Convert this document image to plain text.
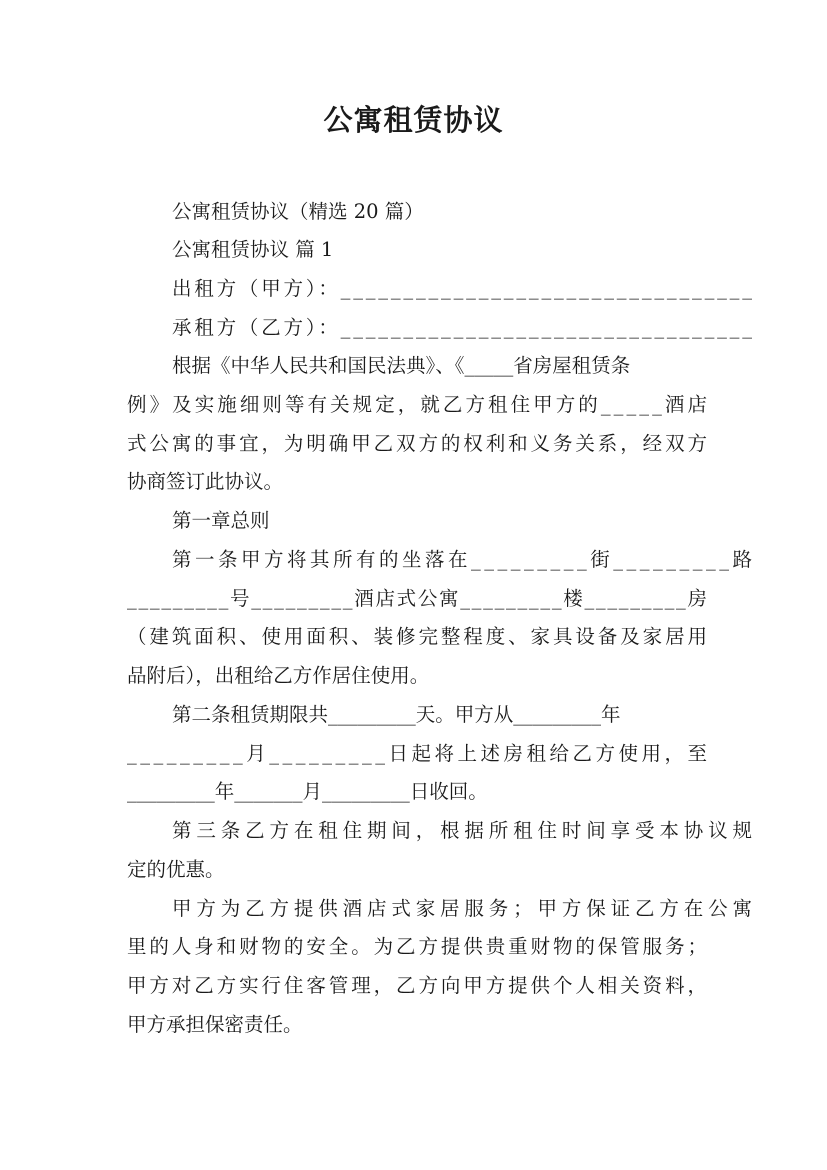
公寓租赁协议

公寓租赁协议（精选 20 篇）

公寓租赁协议 篇 1

出租方（甲方）：_________________________________

承租方（乙方）：_________________________________

根据《中华人民共和国民法典》、《_____省房屋租赁条

例》及实施细则等有关规定，就乙方租住甲方的_____酒店

式公寓的事宜，为明确甲乙双方的权利和义务关系，经双方

协商签订此协议。

第一章总则

第一条甲方将其所有的坐落在_________街_________路

_________号_________酒店式公寓_________楼_________房

（建筑面积、使用面积、装修完整程度、家具设备及家居用

品附后），出租给乙方作居住使用。

第二条租赁期限共_________天。甲方从_________年

_________月_________日起将上述房租给乙方使用，至

_________年_______月_________日收回。

第三条乙方在租住期间，根据所租住时间享受本协议规

定的优惠。

甲方为乙方提供酒店式家居服务；甲方保证乙方在公寓

里的人身和财物的安全。为乙方提供贵重财物的保管服务；

甲方对乙方实行住客管理，乙方向甲方提供个人相关资料，

甲方承担保密责任。
